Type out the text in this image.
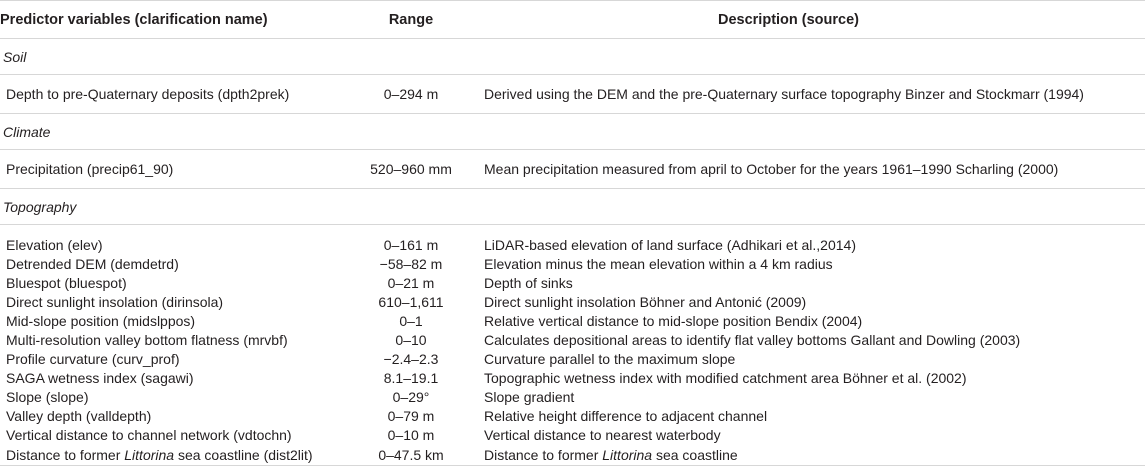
Predictor variables (clarification name)	Range	Description (source)
Soil		
Depth to pre-Quaternary deposits (dpth2prek)	0–294 m	Derived using the DEM and the pre-Quaternary surface topography Binzer and Stockmarr (1994)
Climate		
Precipitation (precip61_90)	520–960 mm	Mean precipitation measured from april to October for the years 1961–1990 Scharling (2000)
Topography		

Elevation (elev)	0–161 m	LiDAR-based elevation of land surface (Adhikari et al.,2014)
Detrended DEM (demdetrd)	−58–82 m	Elevation minus the mean elevation within a 4 km radius
Bluespot (bluespot)	0–21 m	Depth of sinks
Direct sunlight insolation (dirinsola)	610–1,611	Direct sunlight insolation Böhner and Antonić (2009)
Mid-slope position (midslppos)	0–1	Relative vertical distance to mid-slope position Bendix (2004)
Multi-resolution valley bottom flatness (mrvbf)	0–10	Calculates depositional areas to identify flat valley bottoms Gallant and Dowling (2003)
Profile curvature (curv_prof)	−2.4–2.3	Curvature parallel to the maximum slope
SAGA wetness index (sagawi)	8.1–19.1	Topographic wetness index with modified catchment area Böhner et al. (2002)
Slope (slope)	0–29°	Slope gradient
Valley depth (valldepth)	0–79 m	Relative height difference to adjacent channel
Vertical distance to channel network (vdtochn)	0–10 m	Vertical distance to nearest waterbody
Distance to former Littorina sea coastline (dist2lit)	0–47.5 km	Distance to former Littorina sea coastline
